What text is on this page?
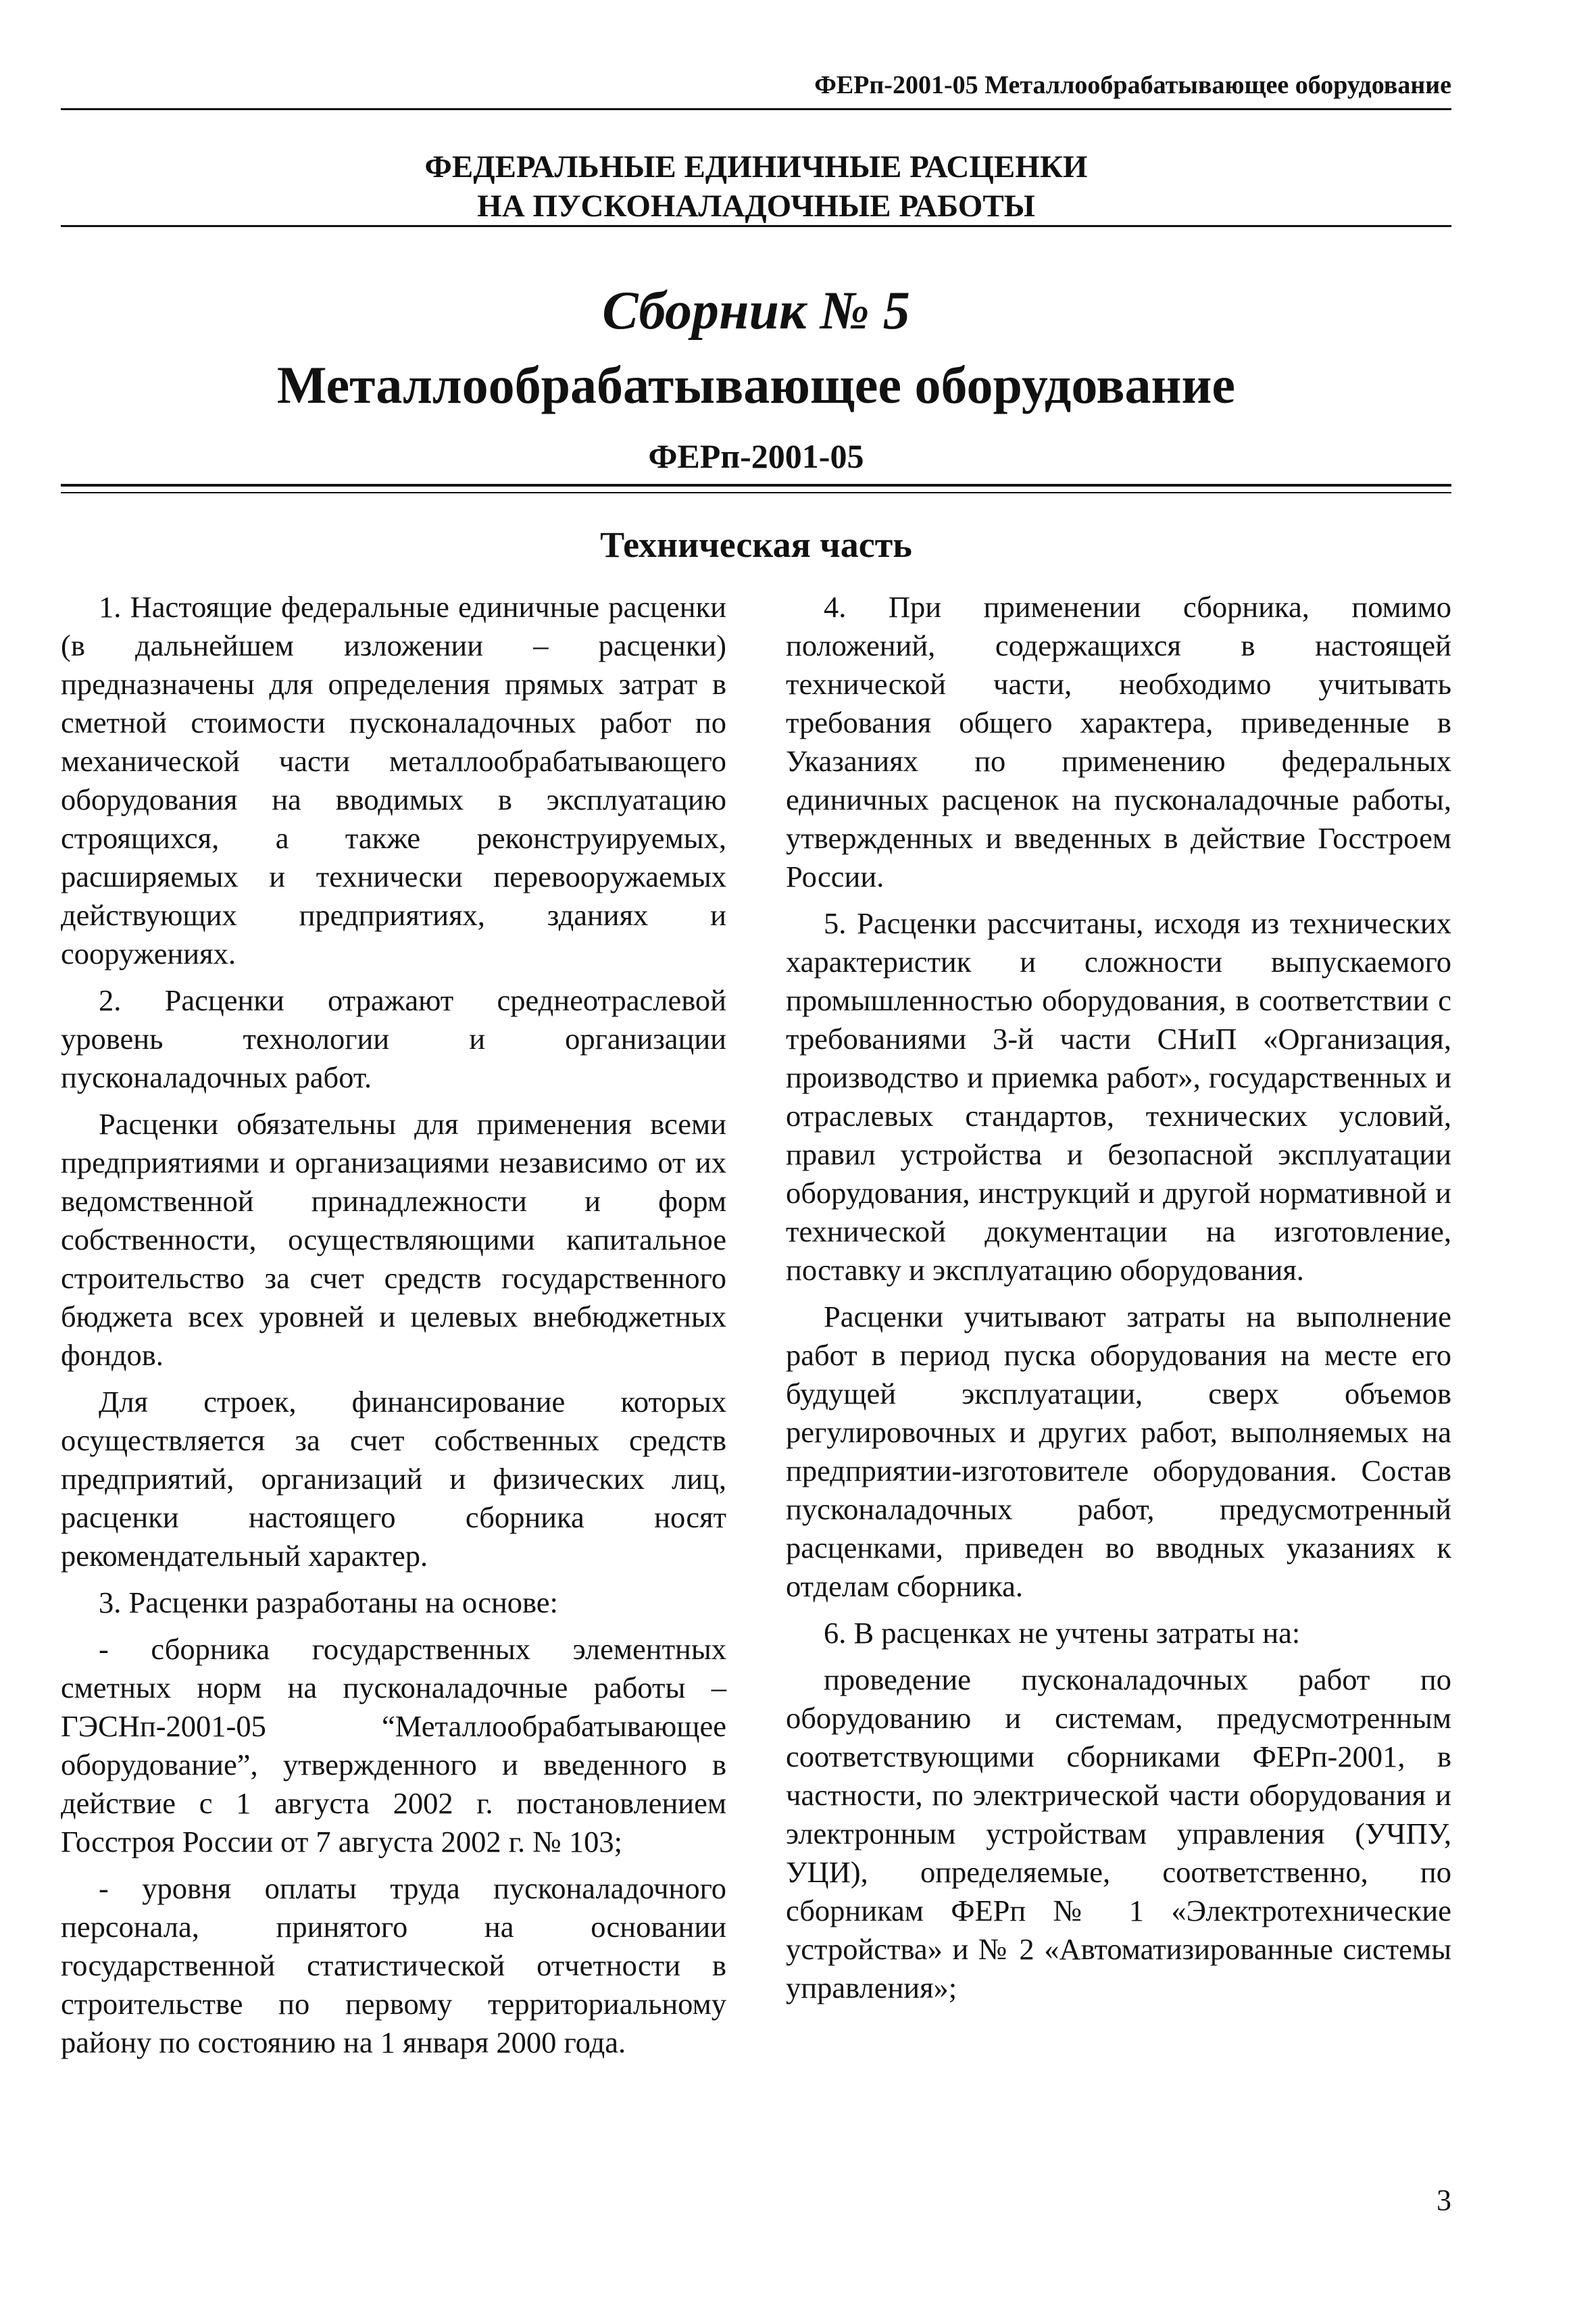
ФЕРп-2001-05 Металлообрабатывающее оборудование
ФЕДЕРАЛЬНЫЕ ЕДИНИЧНЫЕ РАСЦЕНКИ
НА ПУСКОНАЛАДОЧНЫЕ РАБОТЫ
Сборник № 5
Металлообрабатывающее оборудование
ФЕРп-2001-05
Техническая часть

1. Настоящие федеральные единичные расценки (в дальнейшем изложении – расценки) предназначены для определения прямых затрат в сметной стоимости пусконаладочных работ по механической части металлообрабатывающего оборудования на вводимых в эксплуатацию строящихся, а также реконструируемых, расширяемых и технически перевооружаемых действующих предприятиях, зданиях и сооружениях.

2. Расценки отражают среднеотраслевой уровень технологии и организации пусконаладочных работ.

Расценки обязательны для применения всеми предприятиями и организациями независимо от их ведомственной принадлежности и форм собственности, осуществляющими капитальное строительство за счет средств государственного бюджета всех уровней и целевых внебюджетных фондов.

Для строек, финансирование которых осуществляется за счет собственных средств предприятий, организаций и физических лиц, расценки настоящего сборника носят рекомендательный характер.

3. Расценки разработаны на основе:

- сборника государственных элементных сметных норм на пусконаладочные работы – ГЭСНп-2001-05 “Металлообрабатывающее оборудование”, утвержденного и введенного в действие с 1 августа 2002 г. постановлением Госстроя России от 7 августа 2002 г. № 103;

- уровня оплаты труда пусконаладочного персонала, принятого на основании государственной статистической отчетности в строительстве по первому территориальному району по состоянию на 1 января 2000 года.

4. При применении сборника, помимо положений, содержащихся в настоящей технической части, необходимо учитывать требования общего характера, приведенные в Указаниях по применению федеральных единичных расценок на пусконаладочные работы, утвержденных и введенных в действие Госстроем России.

5. Расценки рассчитаны, исходя из технических характеристик и сложности выпускаемого промышленностью оборудования, в соответствии с требованиями 3-й части СНиП «Организация, производство и приемка работ», государственных и отраслевых стандартов, технических условий, правил устройства и безопасной эксплуатации оборудования, инструкций и другой нормативной и технической документации на изготовление, поставку и эксплуатацию оборудования.

Расценки учитывают затраты на выполнение работ в период пуска оборудования на месте его будущей эксплуатации, сверх объемов регулировочных и других работ, выполняемых на предприятии-изготовителе оборудования. Состав пусконаладочных работ, предусмотренный расценками, приведен во вводных указаниях к отделам сборника.

6. В расценках не учтены затраты на:

проведение пусконаладочных работ по оборудованию и системам, предусмотренным соответствующими сборниками ФЕРп-2001, в частности, по электрической части оборудования и электронным устройствам управления (УЧПУ, УЦИ), определяемые, соответственно, по сборникам ФЕРп № 1 «Электротехнические устройства» и № 2 «Автоматизированные системы управления»;

3
